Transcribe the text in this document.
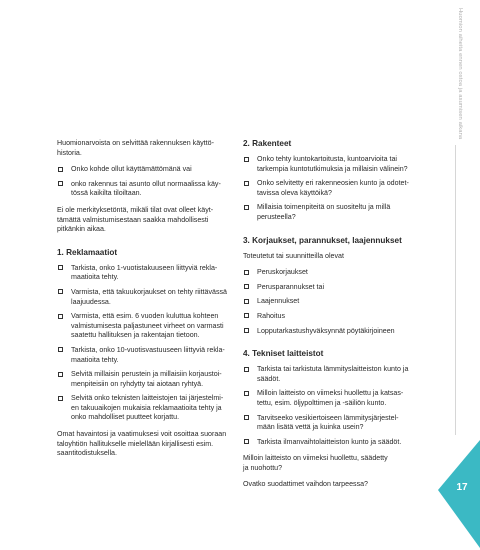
Huomion aiheita ennen ostoa ja asumisen aikana

Huomionarvoista on selvittää rakennuksen käyttö-
historia.

Onko kohde ollut käyttämättömänä vai
onko rakennus tai asunto ollut normaalissa käy-
tössä kaikilta tiloiltaan.

Ei ole merkityksetöntä, mikäli tilat ovat olleet käyt-
tämättä valmistumisestaan saakka mahdollisesti
pitkänkin aikaa.

1. Reklamaatiot
Tarkista, onko 1-vuotistakuuseen liittyviä rekla-
maatioita tehty.
Varmista, että takuukorjaukset on tehty riittävässä
laajuudessa.
Varmista, että esim. 6 vuoden kuluttua kohteen
valmistumisesta paljastuneet virheet on varmasti
saatettu hallituksen ja rakentajan tietoon.
Tarkista, onko 10-vuotisvastuuseen liittyviä rekla-
maatioita tehty.
Selvitä millaisin perustein ja millaisiin korjaustoi-
menpiteisiin on ryhdytty tai aiotaan ryhtyä.
Selvitä onko teknisten laitteistojen tai järjestelmi-
en takuuaikojen mukaisia reklamaatioita tehty ja
onko mahdolliset puutteet korjattu.

Omat havaintosi ja vaatimuksesi voit osoittaa suoraan
taloyhtiön hallitukselle mielellään kirjallisesti esim.
saantitodistuksella.

2. Rakenteet
Onko tehty kuntokartoitusta, kuntoarvioita tai
tarkempia kuntotutkimuksia ja millaisin välinein?
Onko selvitetty eri rakenneosien kunto ja odotet-
tavissa oleva käyttöikä?
Millaisia toimenpiteitä on suositeltu ja millä
perusteella?
3. Korjaukset, parannukset, laajennukset

Toteutetut tai suunnitteilla olevat

Peruskorjaukset
Perusparannukset tai
Laajennukset
Rahoitus
Lopputarkastushyväksynnät pöytäkirjoineen
4. Tekniset laitteistot
Tarkista tai tarkistuta lämmityslaitteiston kunto ja
säädöt.
Milloin laitteisto on viimeksi huollettu ja katsas-
tettu, esim. öljypolttimen ja -säiliön kunto.
Tarvitseeko vesikiertoiseen lämmitysjärjestel-
mään lisätä vettä ja kuinka usein?
Tarkista ilmanvaihtolaitteiston kunto ja säädöt.

Milloin laitteisto on viimeksi huollettu, säädetty
ja nuohottu?

Ovatko suodattimet vaihdon tarpeessa?	17
